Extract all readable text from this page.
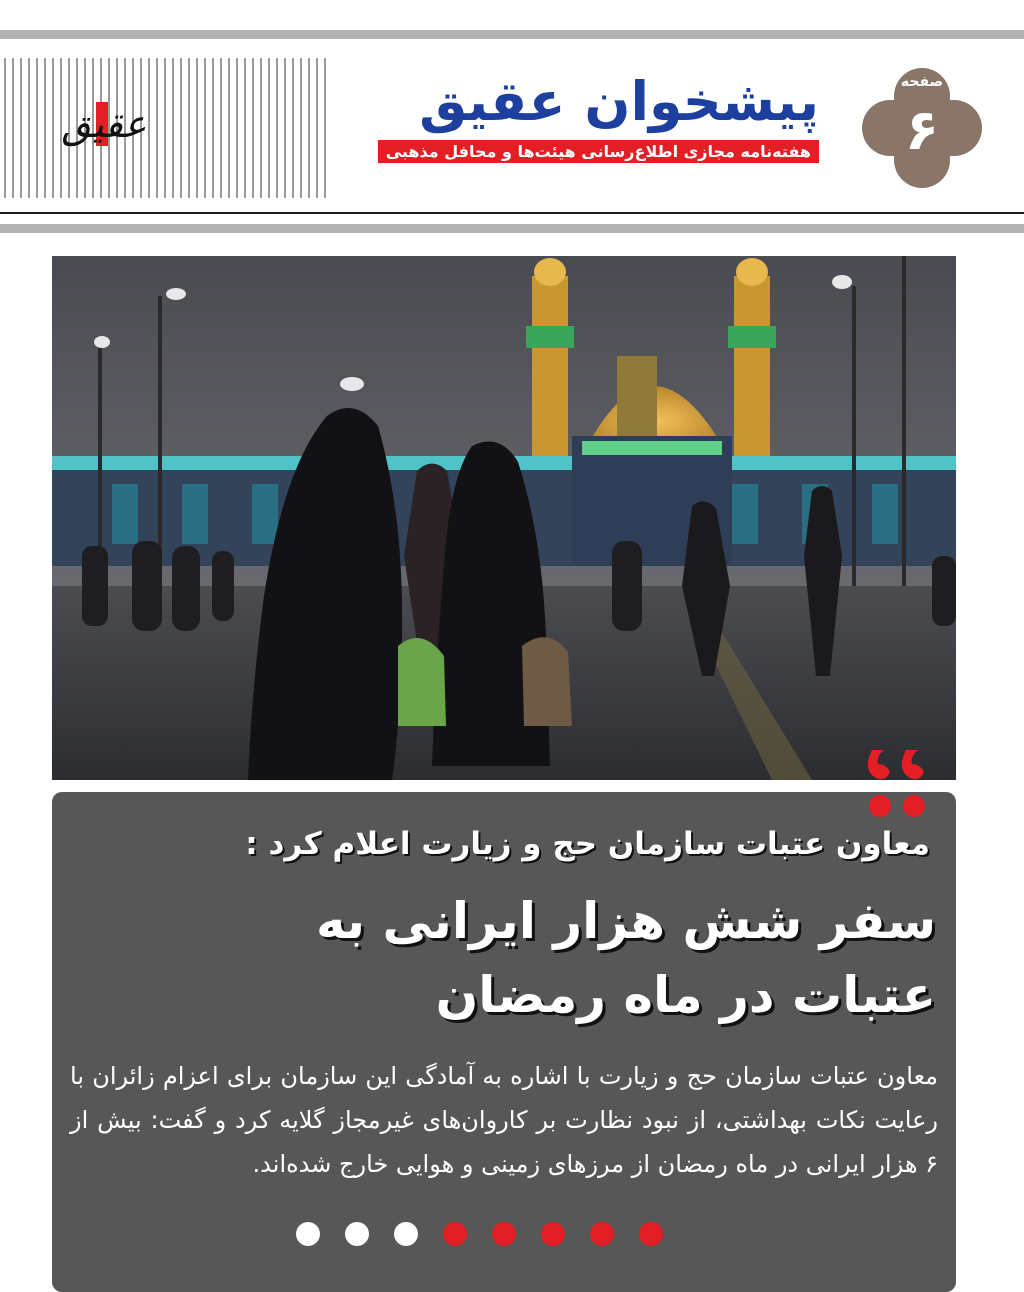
عقیق	پیشخوان عقیق
هفته‌نامه مجازی اطلاع‌رسانی هیئت‌ها و محافل مذهبی
صفحه
۶
معاون عتبات سازمان حج و زیارت اعلام کرد :
سفر شش هزار ایرانی به عتبات در ماه رمضان
معاون عتبات سازمان حج و زیارت با اشاره به آمادگی این سازمان برای اعزام زائران با رعایت نکات بهداشتی، از نبود نظارت بر کاروان‌های غیرمجاز گلایه کرد و گفت: بیش از ۶ هزار ایرانی در ماه رمضان از مرزهای زمینی و هوایی خارج شده‌اند.
